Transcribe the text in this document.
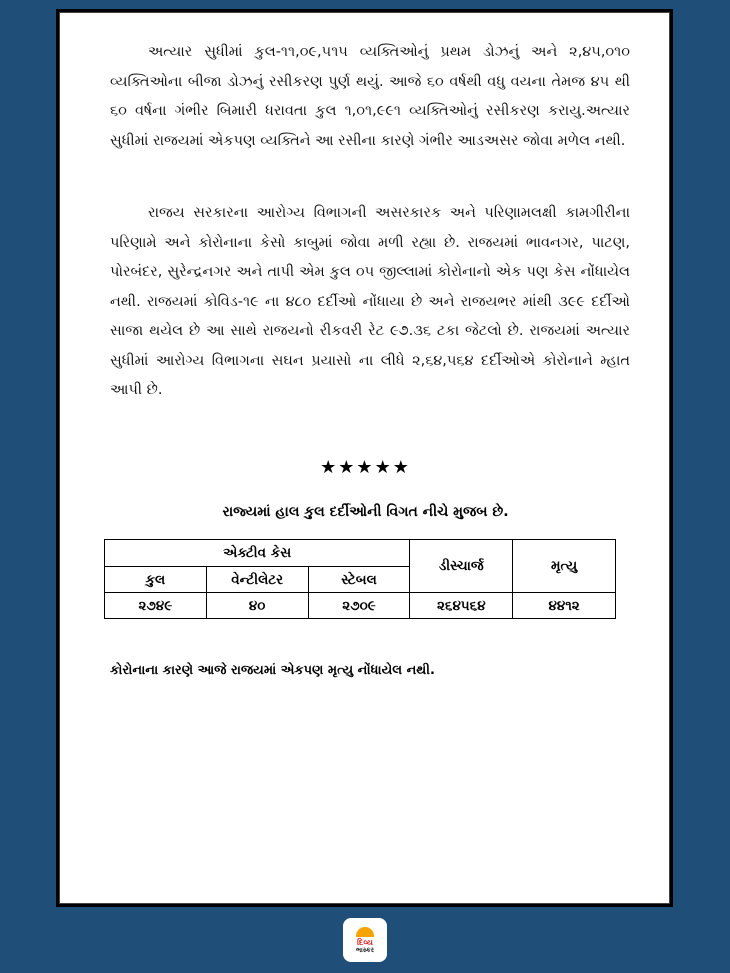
અત્યાર સુધીમાં કુલ-૧૧,૦૯,૫૧૫ વ્યક્તિઓનું પ્રથમ ડોઝનું અને ૨,૪૫,૦૧૦ વ્યક્તિઓના બીજા ડોઝનું રસીકરણ પુર્ણ થયું. આજે ૬૦ વર્ષથી વધુ વયના તેમજ ૪૫ થી ૬૦ વર્ષના ગંભીર બિમારી ધરાવતા કુલ ૧,૦૧,૯૯૧ વ્યક્તિઓનું રસીકરણ કરાયુ.અત્યાર સુધીમાં રાજયમાં એકપણ વ્યક્તિને આ રસીના કારણે ગંભીર આડઅસર જોવા મળેલ નથી.

રાજય સરકારના આરોગ્ય વિભાગની અસરકારક અને પરિણામલક્ષી કામગીરીના પરિણામે અને કોરોનાના કેસો કાબુમાં જોવા મળી રહ્યા છે. રાજયમાં ભાવનગર, પાટણ, પોરબંદર, સુરેન્દ્રનગર અને તાપી એમ કુલ ૦૫ જીલ્લામાં કોરોનાનો એક પણ કેસ નોંધાયેલ નથી. રાજયમાં કોવિડ-૧૯ ના ૪૮૦ દર્દીઓ નોંધાયા છે અને રાજયભર માંથી ૩૯૯ દર્દીઓ સાજા થયેલ છે આ સાથે રાજયનો રીકવરી રેટ ૯૭.૩૬ ટકા જેટલો છે. રાજયમાં અત્યાર સુધીમાં આરોગ્ય વિભાગના સઘન પ્રયાસો ના લીધે ૨,૬૪,૫૬૪ દર્દીઓએ કોરોનાને મ્હાત આપી છે.

★★★★★
રાજ્યમાં હાલ કુલ દર્દીઓની વિગત નીચે મુજબ છે.
એક્ટીવ કેસ			ડીસ્ચાર્જ	મૃત્યુ
કુલ	વેન્ટીલેટર	સ્ટેબલ		
૨૭૪૯	૪૦	૨૭૦૯	૨૬૪૫૬૪	૪૪૧૨
કોરોનાના કારણે આજે રાજયમાં એકપણ મૃત્યુ નોંધાયેલ નથી.
દિવ્ય
ભાસ્કર
